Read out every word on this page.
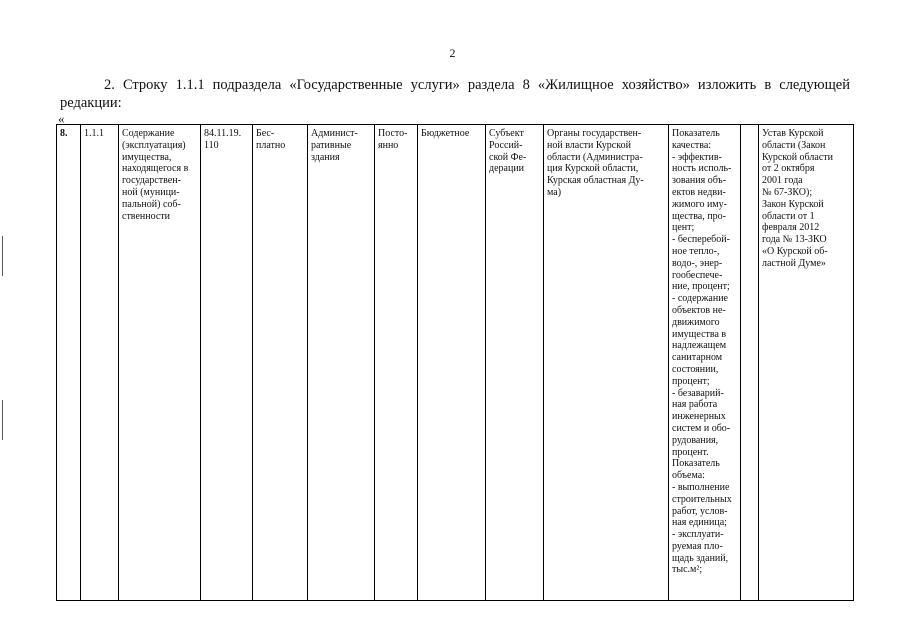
2

2. Строку 1.1.1 подраздела «Государственные услуги» раздела 8 «Жилищное хозяйство» изложить в следующей редакции:

«
8.	1.1.1	Содержание
(эксплуатация)
имущества,
находящегося в
государствен-
ной (муници-
пальной) соб-
ственности	84.11.19.
110	Бес-
платно	Админист-
ративные
здания	Посто-
янно	Бюджетное	Субъект
Россий-
ской Фе-
дерации	Органы государствен-
ной власти Курской
области (Администра-
ция Курской области,
Курская областная Ду-
ма)	Показатель
качества:
- эффектив-
ность исполь-
зования объ-
ектов недви-
жимого иму-
щества, про-
цент;
- бесперебой-
ное тепло-,
водо-, энер-
гообеспече-
ние, процент;
- содержание
объектов не-
движимого
имущества в
надлежащем
санитарном
состоянии,
процент;
- безаварий-
ная работа
инженерных
систем и обо-
рудования,
процент.
Показатель
объема:
- выполнение
строительных
работ, услов-
ная единица;
- эксплуати-
руемая пло-
щадь зданий,
тыс.м²;		Устав Курской
области (Закон
Курской области
от 2 октября
2001 года
№ 67-ЗКО);
Закон Курской
области от 1
февраля 2012
года № 13-ЗКО
«О Курской об-
ластной Думе»
